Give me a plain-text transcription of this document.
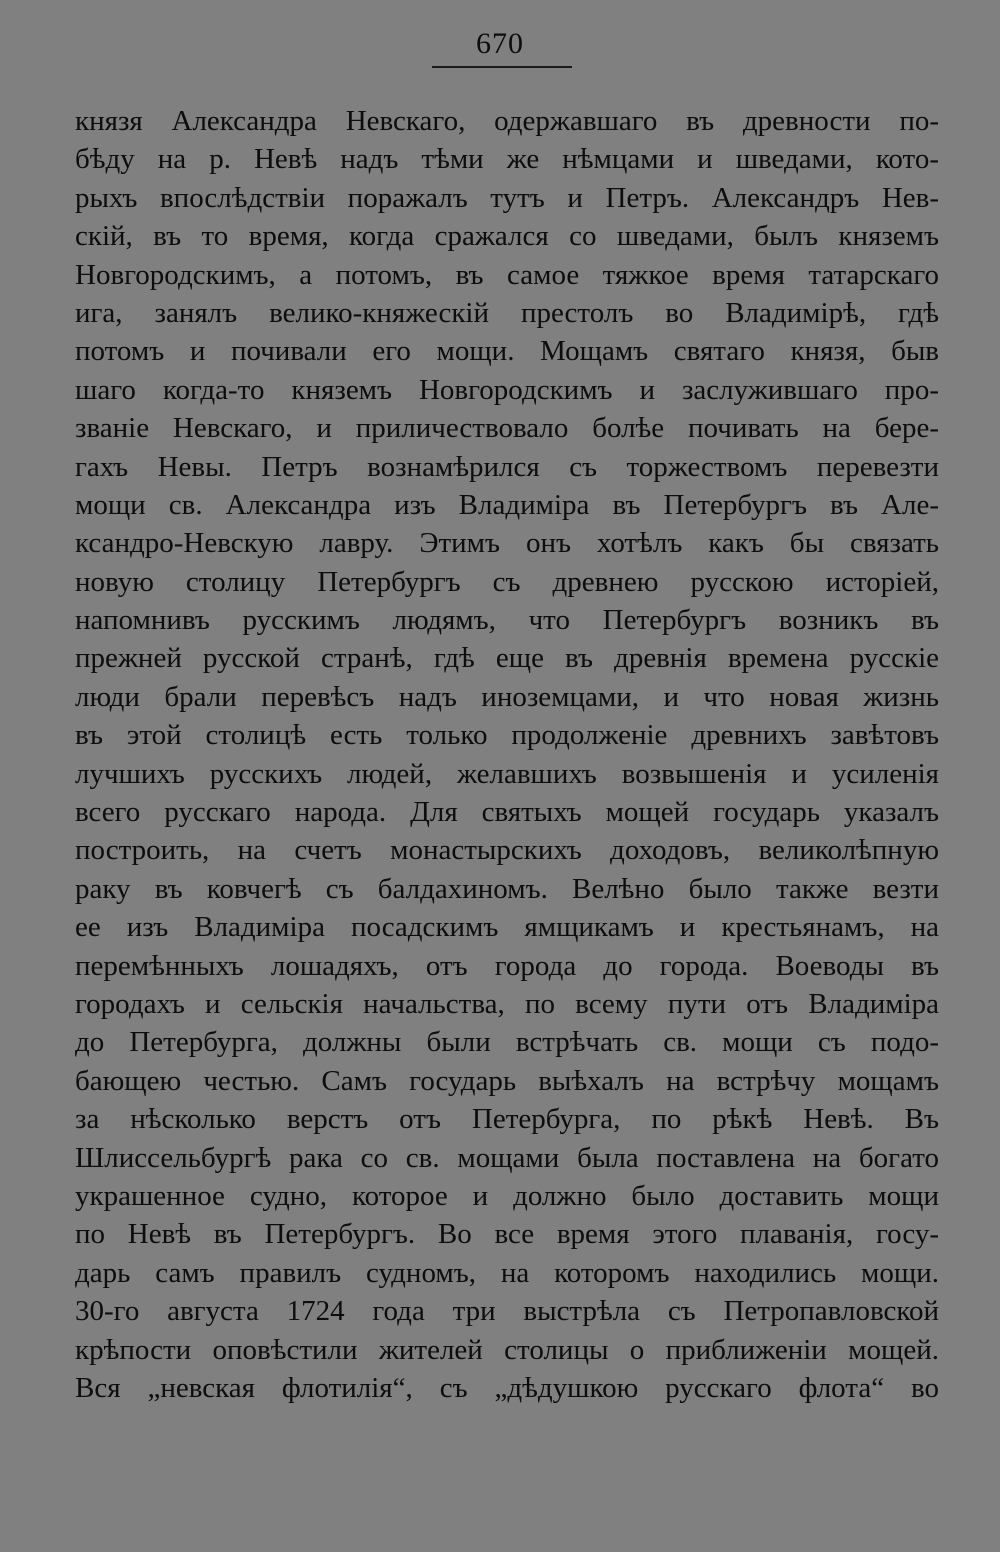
670
князя Александра Невскаго, одержавшаго въ древности по-
бѣду на р. Невѣ надъ тѣми же нѣмцами и шведами, кото-
рыхъ впослѣдствіи поражалъ тутъ и Петръ. Александръ Нев-
скій, въ то время, когда сражался со шведами, былъ княземъ
Новгородскимъ, а потомъ, въ самое тяжкое время татарскаго
ига, занялъ велико-княжескій престолъ во Владимірѣ, гдѣ
потомъ и почивали его мощи. Мощамъ святаго князя, быв
шаго когда-то княземъ Новгородскимъ и заслужившаго про-
званіе Невскаго, и приличествовало болѣе почивать на бере-
гахъ Невы. Петръ вознамѣрился съ торжествомъ перевезти
мощи св. Александра изъ Владиміра въ Петербургъ въ Але-
ксандро-Невскую лавру. Этимъ онъ хотѣлъ какъ бы связать
новую столицу Петербургъ съ древнею русскою исторіей,
напомнивъ русскимъ людямъ, что Петербургъ возникъ въ
прежней русской странѣ, гдѣ еще въ древнія времена русскіе
люди брали перевѣсъ надъ иноземцами, и что новая жизнь
въ этой столицѣ есть только продолженіе древнихъ завѣтовъ
лучшихъ русскихъ людей, желавшихъ возвышенія и усиленія
всего русскаго народа. Для святыхъ мощей государь указалъ
построить, на счетъ монастырскихъ доходовъ, великолѣпную
раку въ ковчегѣ съ балдахиномъ. Велѣно было также везти
ее изъ Владиміра посадскимъ ямщикамъ и крестьянамъ, на
перемѣнныхъ лошадяхъ, отъ города до города. Воеводы въ
городахъ и сельскія начальства, по всему пути отъ Владиміра
до Петербурга, должны были встрѣчать св. мощи съ подо-
бающею честью. Самъ государь выѣхалъ на встрѣчу мощамъ
за нѣсколько верстъ отъ Петербурга, по рѣкѣ Невѣ. Въ
Шлиссельбургѣ рака со св. мощами была поставлена на богато
украшенное судно, которое и должно было доставить мощи
по Невѣ въ Петербургъ. Во все время этого плаванія, госу-
дарь самъ правилъ судномъ, на которомъ находились мощи.
30-го августа 1724 года три выстрѣла съ Петропавловской
крѣпости оповѣстили жителей столицы о приближеніи мощей.
Вся „невская флотилія“, съ „дѣдушкою русскаго флота“ во
